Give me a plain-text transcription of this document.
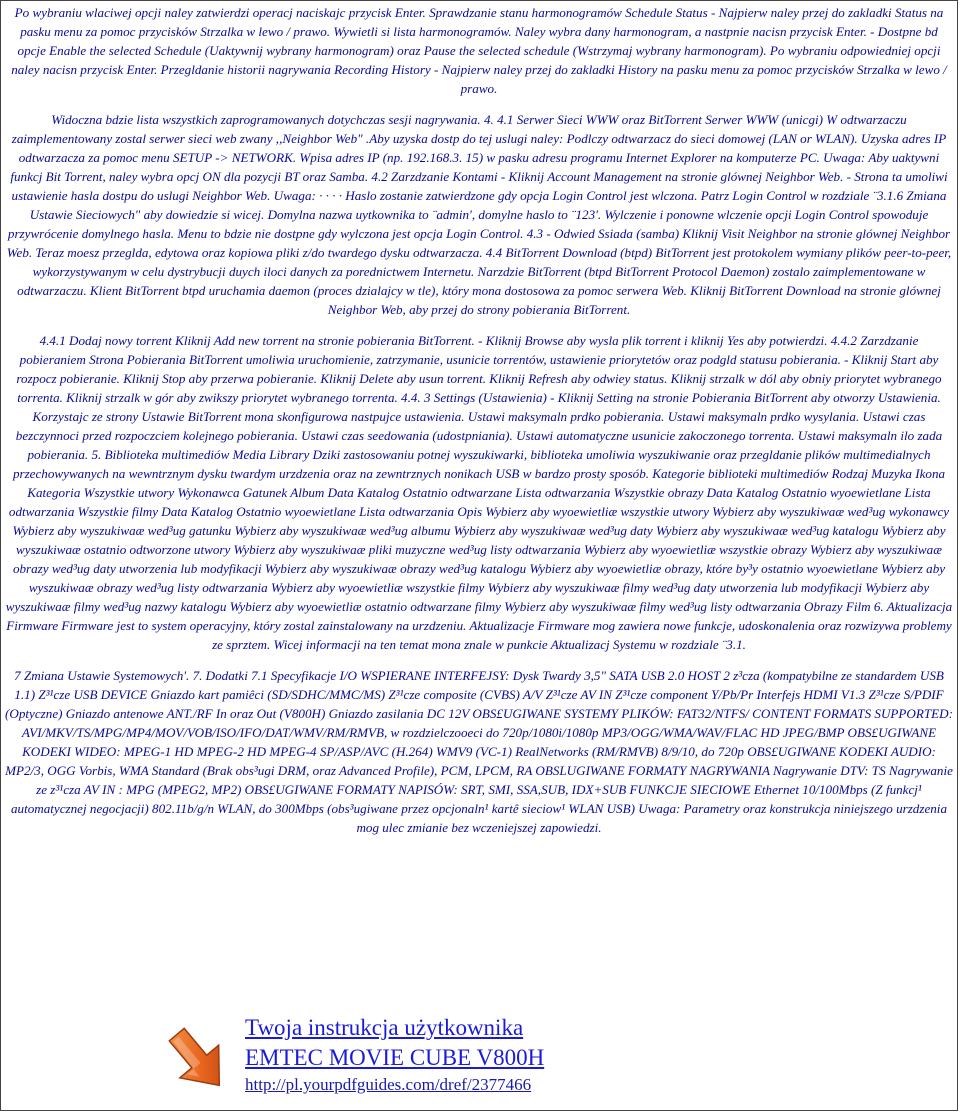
Po wybraniu wlaciwej opcji naley zatwierdzi operacj naciskajc przycisk Enter. Sprawdzanie stanu harmonogramów Schedule Status - Najpierw naley przej do zakladki Status na pasku menu za pomoc przycisków Strzalka w lewo / prawo. Wywietli si lista harmonogramów. Naley wybra dany harmonogram, a nastpnie nacisn przycisk Enter. - Dostpne bd opcje Enable the selected Schedule (Uaktywnij wybrany harmonogram) oraz Pause the selected schedule (Wstrzymaj wybrany harmonogram). Po wybraniu odpowiedniej opcji naley nacisn przycisk Enter. Przegldanie historii nagrywania Recording History - Najpierw naley przej do zakladki History na pasku menu za pomoc przycisków Strzalka w lewo / prawo.

Widoczna bdzie lista wszystkich zaprogramowanych dotychczas sesji nagrywania. 4. 4.1 Serwer Sieci WWW oraz BitTorrent Serwer WWW (unicgi) W odtwarzaczu zaimplementowany zostal serwer sieci web zwany ,,Neighbor Web" .Aby uzyska dostp do tej uslugi naley: Podlczy odtwarzacz do sieci domowej (LAN or WLAN). Uzyska adres IP odtwarzacza za pomoc menu SETUP -> NETWORK. Wpisa adres IP (np. 192.168.3. 15) w pasku adresu programu Internet Explorer na komputerze PC. Uwaga: Aby uaktywni funkcj Bit Torrent, naley wybra opcj ON dla pozycji BT oraz Samba. 4.2 Zarzdzanie Kontami - Kliknij Account Management na stronie glównej Neighbor Web. - Strona ta umoliwi ustawienie hasla dostpu do uslugi Neighbor Web. Uwaga: · · · · Haslo zostanie zatwierdzone gdy opcja Login Control jest wlczona. Patrz Login Control w rozdziale ¨3.1.6 Zmiana Ustawie Sieciowych" aby dowiedzie si wicej. Domylna nazwa uytkownika to ¨admin', domylne haslo to ¨123'. Wylczenie i ponowne wlczenie opcji Login Control spowoduje przywrócenie domylnego hasla. Menu to bdzie nie dostpne gdy wylczona jest opcja Login Control. 4.3 - Odwied Ssiada (samba) Kliknij Visit Neighbor na stronie glównej Neighbor Web. Teraz moesz przeglda, edytowa oraz kopiowa pliki z/do twardego dysku odtwarzacza. 4.4 BitTorrent Download (btpd) BitTorrent jest protokolem wymiany plików peer-to-peer, wykorzystywanym w celu dystrybucji duych iloci danych za porednictwem Internetu. Narzdzie BitTorrent (btpd BitTorrent Protocol Daemon) zostalo zaimplementowane w odtwarzaczu. Klient BitTorrent btpd uruchamia daemon (proces dzialajcy w tle), który mona dostosowa za pomoc serwera Web. Kliknij BitTorrent Download na stronie glównej Neighbor Web, aby przej do strony pobierania BitTorrent.

4.4.1 Dodaj nowy torrent Kliknij Add new torrent na stronie pobierania BitTorrent. - Kliknij Browse aby wysla plik torrent i kliknij Yes aby potwierdzi. 4.4.2 Zarzdzanie pobieraniem Strona Pobierania BitTorrent umoliwia uruchomienie, zatrzymanie, usunicie torrentów, ustawienie priorytetów oraz podgld statusu pobierania. - Kliknij Start aby rozpocz pobieranie. Kliknij Stop aby przerwa pobieranie. Kliknij Delete aby usun torrent. Kliknij Refresh aby odwiey status. Kliknij strzalk w dól aby obniy priorytet wybranego torrenta. Kliknij strzalk w gór aby zwikszy priorytet wybranego torrenta. 4.4. 3 Settings (Ustawienia) - Kliknij Setting na stronie Pobierania BitTorrent aby otworzy Ustawienia. Korzystajc ze strony Ustawie BitTorrent mona skonfigurowa nastpujce ustawienia. Ustawi maksymaln prdko pobierania. Ustawi maksymaln prdko wysylania. Ustawi czas bezczynnoci przed rozpoczciem kolejnego pobierania. Ustawi czas seedowania (udostpniania). Ustawi automatyczne usunicie zakoczonego torrenta. Ustawi maksymaln ilo zada pobierania. 5. Biblioteka multimediów Media Library Dziki zastosowaniu potnej wyszukiwarki, biblioteka umoliwia wyszukiwanie oraz przegldanie plików multimedialnych przechowywanych na wewntrznym dysku twardym urzdzenia oraz na zewntrznych nonikach USB w bardzo prosty sposób. Kategorie biblioteki multimediów Rodzaj Muzyka Ikona Kategoria Wszystkie utwory Wykonawca Gatunek Album Data Katalog Ostatnio odtwarzane Lista odtwarzania Wszystkie obrazy Data Katalog Ostatnio wyoewietlane Lista odtwarzania Wszystkie filmy Data Katalog Ostatnio wyoewietlane Lista odtwarzania Opis Wybierz aby wyoewietliæ wszystkie utwory Wybierz aby wyszukiwaæ wed³ug wykonawcy Wybierz aby wyszukiwaæ wed³ug gatunku Wybierz aby wyszukiwaæ wed³ug albumu Wybierz aby wyszukiwaæ wed³ug daty Wybierz aby wyszukiwaæ wed³ug katalogu Wybierz aby wyszukiwaæ ostatnio odtworzone utwory Wybierz aby wyszukiwaæ pliki muzyczne wed³ug listy odtwarzania Wybierz aby wyoewietliæ wszystkie obrazy Wybierz aby wyszukiwaæ obrazy wed³ug daty utworzenia lub modyfikacji Wybierz aby wyszukiwaæ obrazy wed³ug katalogu Wybierz aby wyoewietliæ obrazy, które by³y ostatnio wyoewietlane Wybierz aby wyszukiwaæ obrazy wed³ug listy odtwarzania Wybierz aby wyoewietliæ wszystkie filmy Wybierz aby wyszukiwaæ filmy wed³ug daty utworzenia lub modyfikacji Wybierz aby wyszukiwaæ filmy wed³ug nazwy katalogu Wybierz aby wyoewietliæ ostatnio odtwarzane filmy Wybierz aby wyszukiwaæ filmy wed³ug listy odtwarzania Obrazy Film 6. Aktualizacja Firmware Firmware jest to system operacyjny, który zostal zainstalowany na urzdzeniu. Aktualizacje Firmware mog zawiera nowe funkcje, udoskonalenia oraz rozwizywa problemy ze sprztem. Wicej informacji na ten temat mona znale w punkcie Aktualizacj Systemu w rozdziale ¨3.1.

7 Zmiana Ustawie Systemowych'. 7. Dodatki 7.1 Specyfikacje I/O WSPIERANE INTERFEJSY: Dysk Twardy 3,5" SATA USB 2.0 HOST 2 z³cza (kompatybilne ze standardem USB 1.1) Z³¹cze USB DEVICE Gniazdo kart pamiêci (SD/SDHC/MMC/MS) Z³¹cze composite (CVBS) A/V Z³¹cze AV IN Z³¹cze component Y/Pb/Pr Interfejs HDMI V1.3 Z³¹cze S/PDIF (Optyczne) Gniazdo antenowe ANT./RF In oraz Out (V800H) Gniazdo zasilania DC 12V OBS£UGIWANE SYSTEMY PLIKÓW: FAT32/NTFS/ CONTENT FORMATS SUPPORTED: AVI/MKV/TS/MPG/MP4/MOV/VOB/ISO/IFO/DAT/WMV/RM/RMVB, w rozdzielczooeci do 720p/1080i/1080p MP3/OGG/WMA/WAV/FLAC HD JPEG/BMP OBS£UGIWANE KODEKI WIDEO: MPEG-1 HD MPEG-2 HD MPEG-4 SP/ASP/AVC (H.264) WMV9 (VC-1) RealNetworks (RM/RMVB) 8/9/10, do 720p OBS£UGIWANE KODEKI AUDIO: MP2/3, OGG Vorbis, WMA Standard (Brak obs³ugi DRM, oraz Advanced Profile), PCM, LPCM, RA OBSLUGIWANE FORMATY NAGRYWANIA Nagrywanie DTV: TS Nagrywanie ze z³¹cza AV IN : MPG (MPEG2, MP2) OBS£UGIWANE FORMATY NAPISÓW: SRT, SMI, SSA,SUB, IDX+SUB FUNKCJE SIECIOWE Ethernet 10/100Mbps (Z funkcj¹ automatycznej negocjacji) 802.11b/g/n WLAN, do 300Mbps (obs³ugiwane przez opcjonaln¹ kartê sieciow¹ WLAN USB) Uwaga: Parametry oraz konstrukcja niniejszego urzdzenia mog ulec zmianie bez wczeniejszej zapowiedzi.

Twoja instrukcja użytkownika
EMTEC MOVIE CUBE V800H
http://pl.yourpdfguides.com/dref/2377466
